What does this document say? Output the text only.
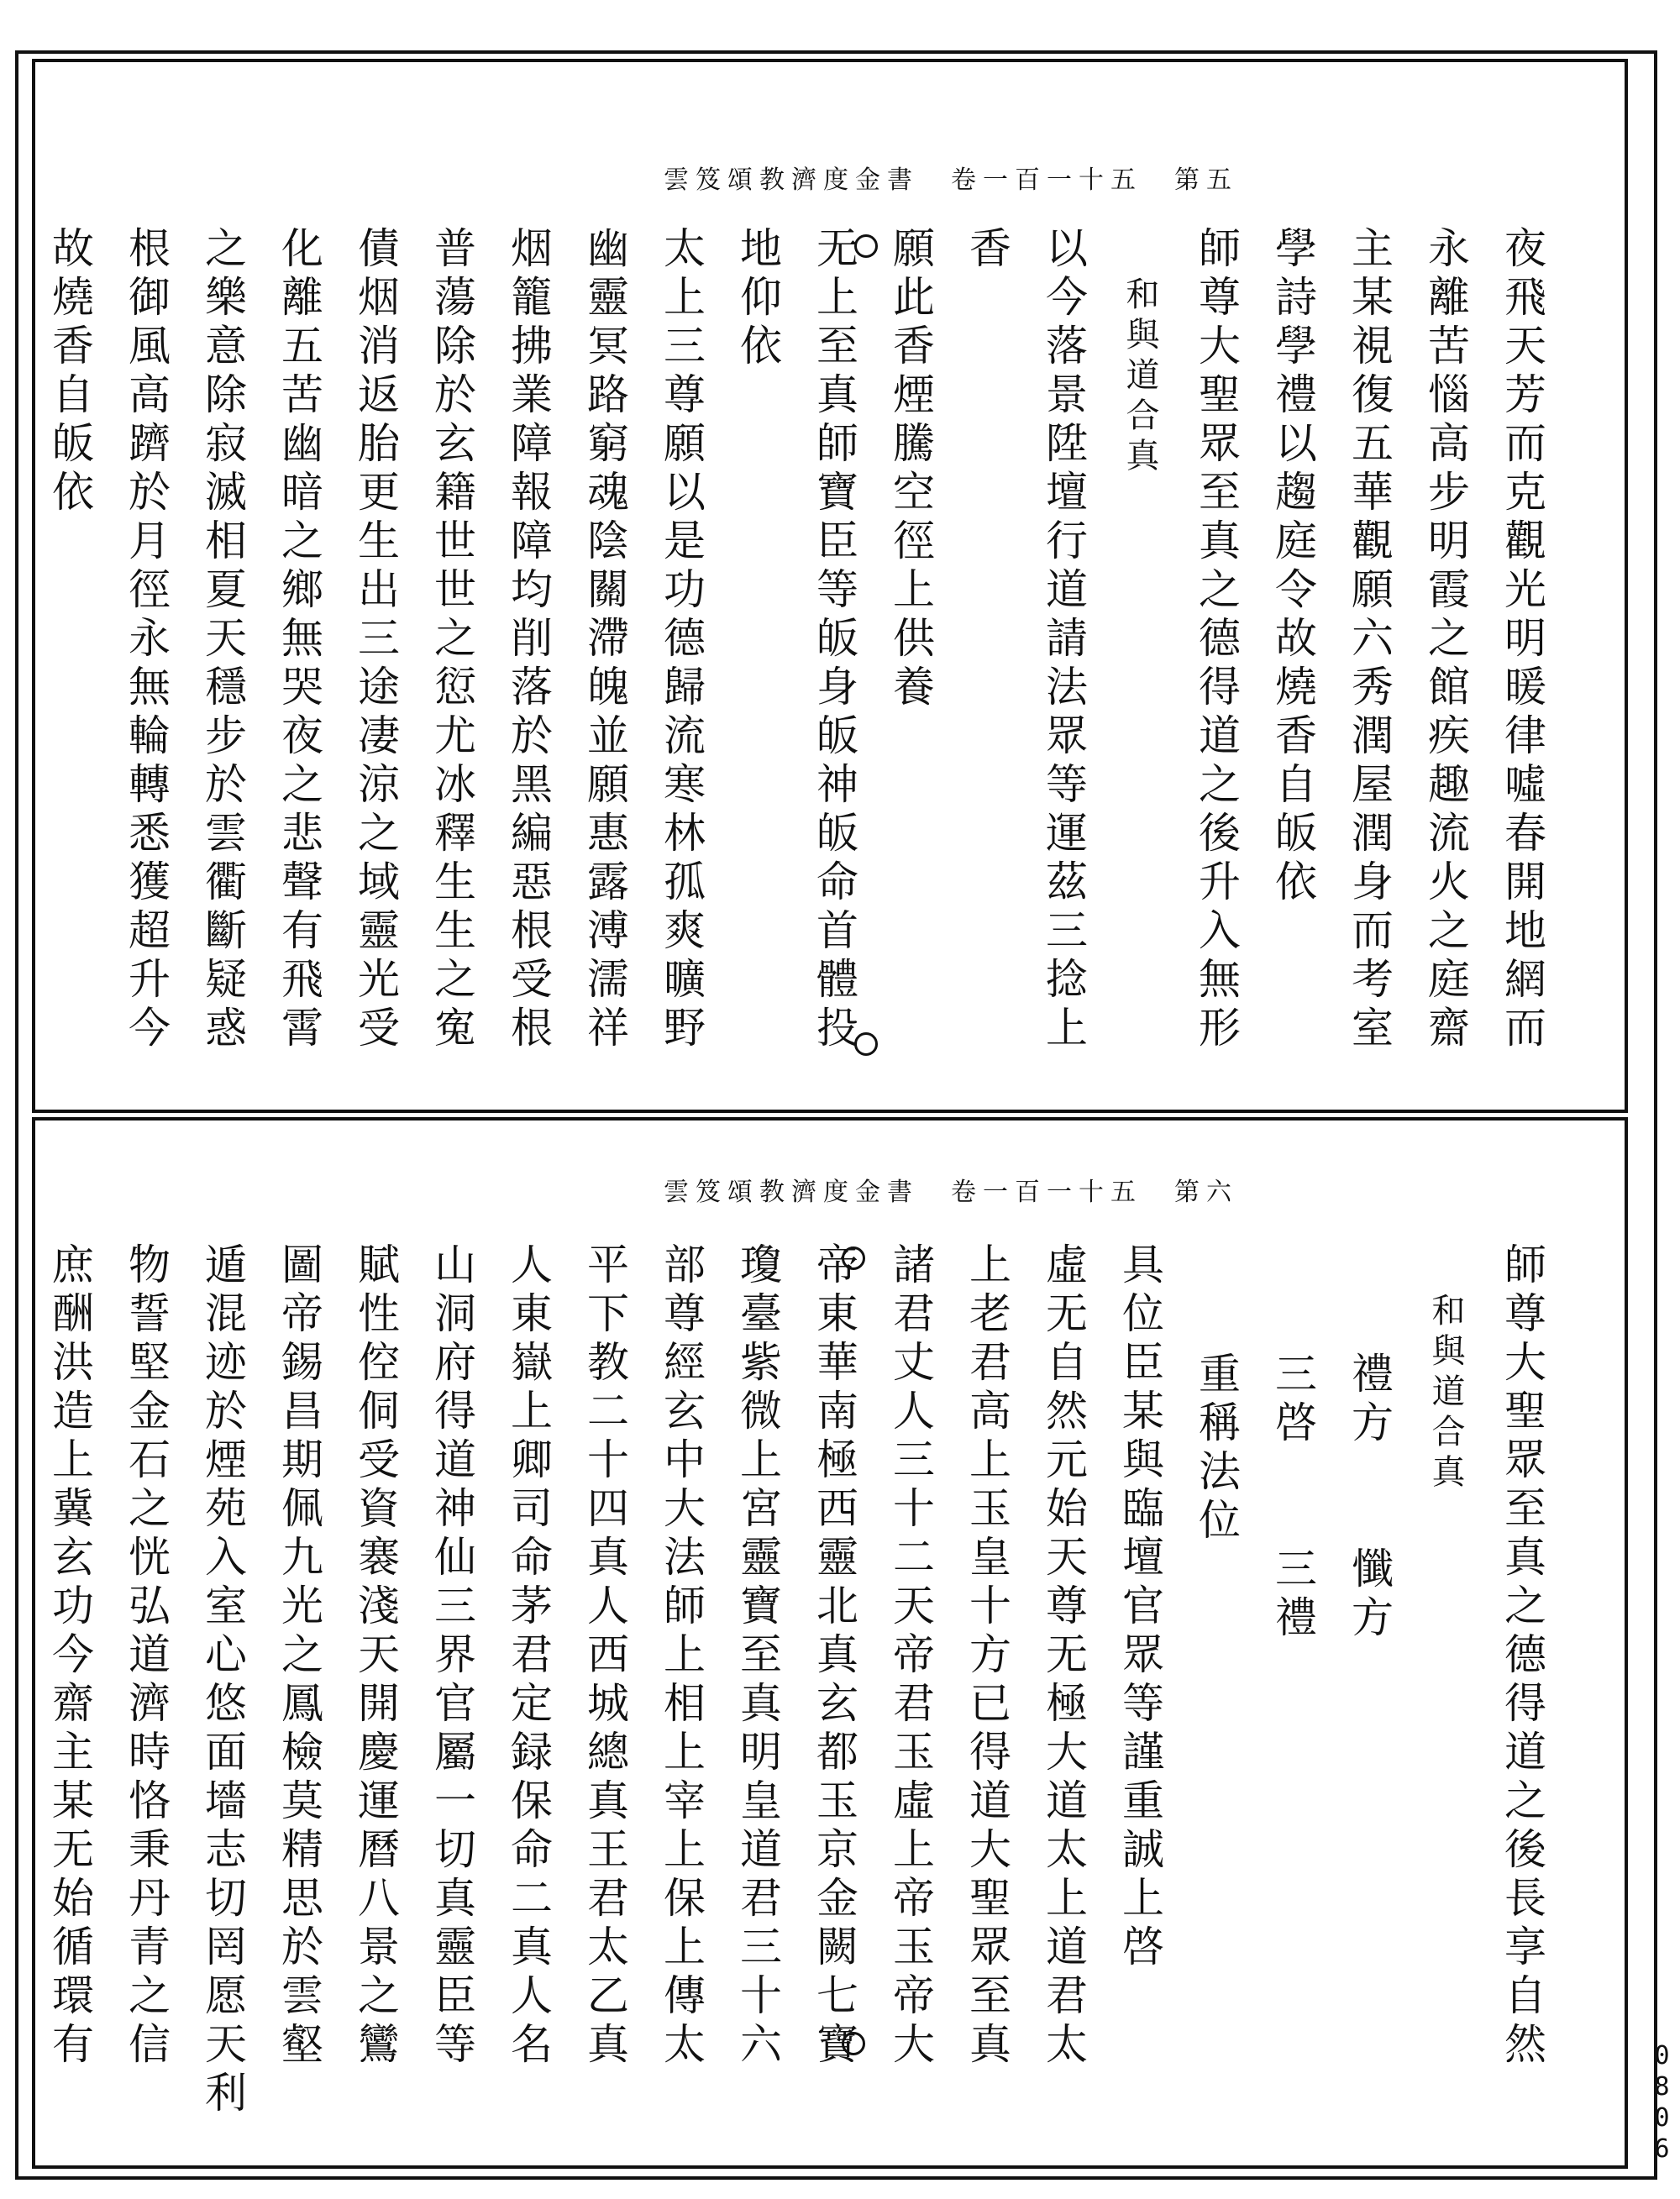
雲笈頌教濟度金書　卷一百一十五　第五
夜飛天芳而克觀光明暖律噓春開地網而
永離苦惱高步明霞之館疾趣流火之庭齋
主某視復五華觀願六秀潤屋潤身而考室
學詩學禮以趨庭令故燒香自皈依
師尊大聖眾至真之德得道之後升入無形
和與道合真
以今落景陞壇行道請法眾等運茲三捻上
香
願此香煙騰空徑上供養
无上至真師寶臣等皈身皈神皈命首體投
地仰依
太上三尊願以是功德歸流寒林孤爽曠野
幽靈冥路窮魂陰關滯魄並願惠露溥濡祥
烟籠拂業障報障均削落於黑編惡根受根
普蕩除於玄籍世世之愆尤冰釋生生之寃
債烟消返胎更生出三途凄涼之域靈光受
化離五苦幽暗之鄉無哭夜之悲聲有飛霄
之樂意除寂滅相夏天穩步於雲衢斷疑惑
根御風高躋於月徑永無輪轉悉獲超升今
故燒香自皈依
雲笈頌教濟度金書　卷一百一十五　第六
師尊大聖眾至真之德得道之後長享自然
和與道合真
禮方　　懺方
三啓　　三禮
重稱法位
具位臣某與臨壇官眾等謹重誠上啓
虛无自然元始天尊无極大道太上道君太
上老君高上玉皇十方已得道大聖眾至真
諸君丈人三十二天帝君玉虛上帝玉帝大
帝東華南極西靈北真玄都玉京金闕七寶
瓊臺紫微上宮靈寶至真明皇道君三十六
部尊經玄中大法師上相上宰上保上傳太
平下教二十四真人西城總真王君太乙真
人東嶽上卿司命茅君定録保命二真人名
山洞府得道神仙三界官屬一切真靈臣等
賦性倥侗受資褰淺天開慶運曆八景之鸞
圖帝錫昌期佩九光之鳳檢莫精思於雲壑
遁混迹於煙苑入室心悠面墻志切罔愿天利
物誓堅金石之恍弘道濟時恪秉丹青之信
庶酬洪造上冀玄功今齋主某无始循環有
0806
